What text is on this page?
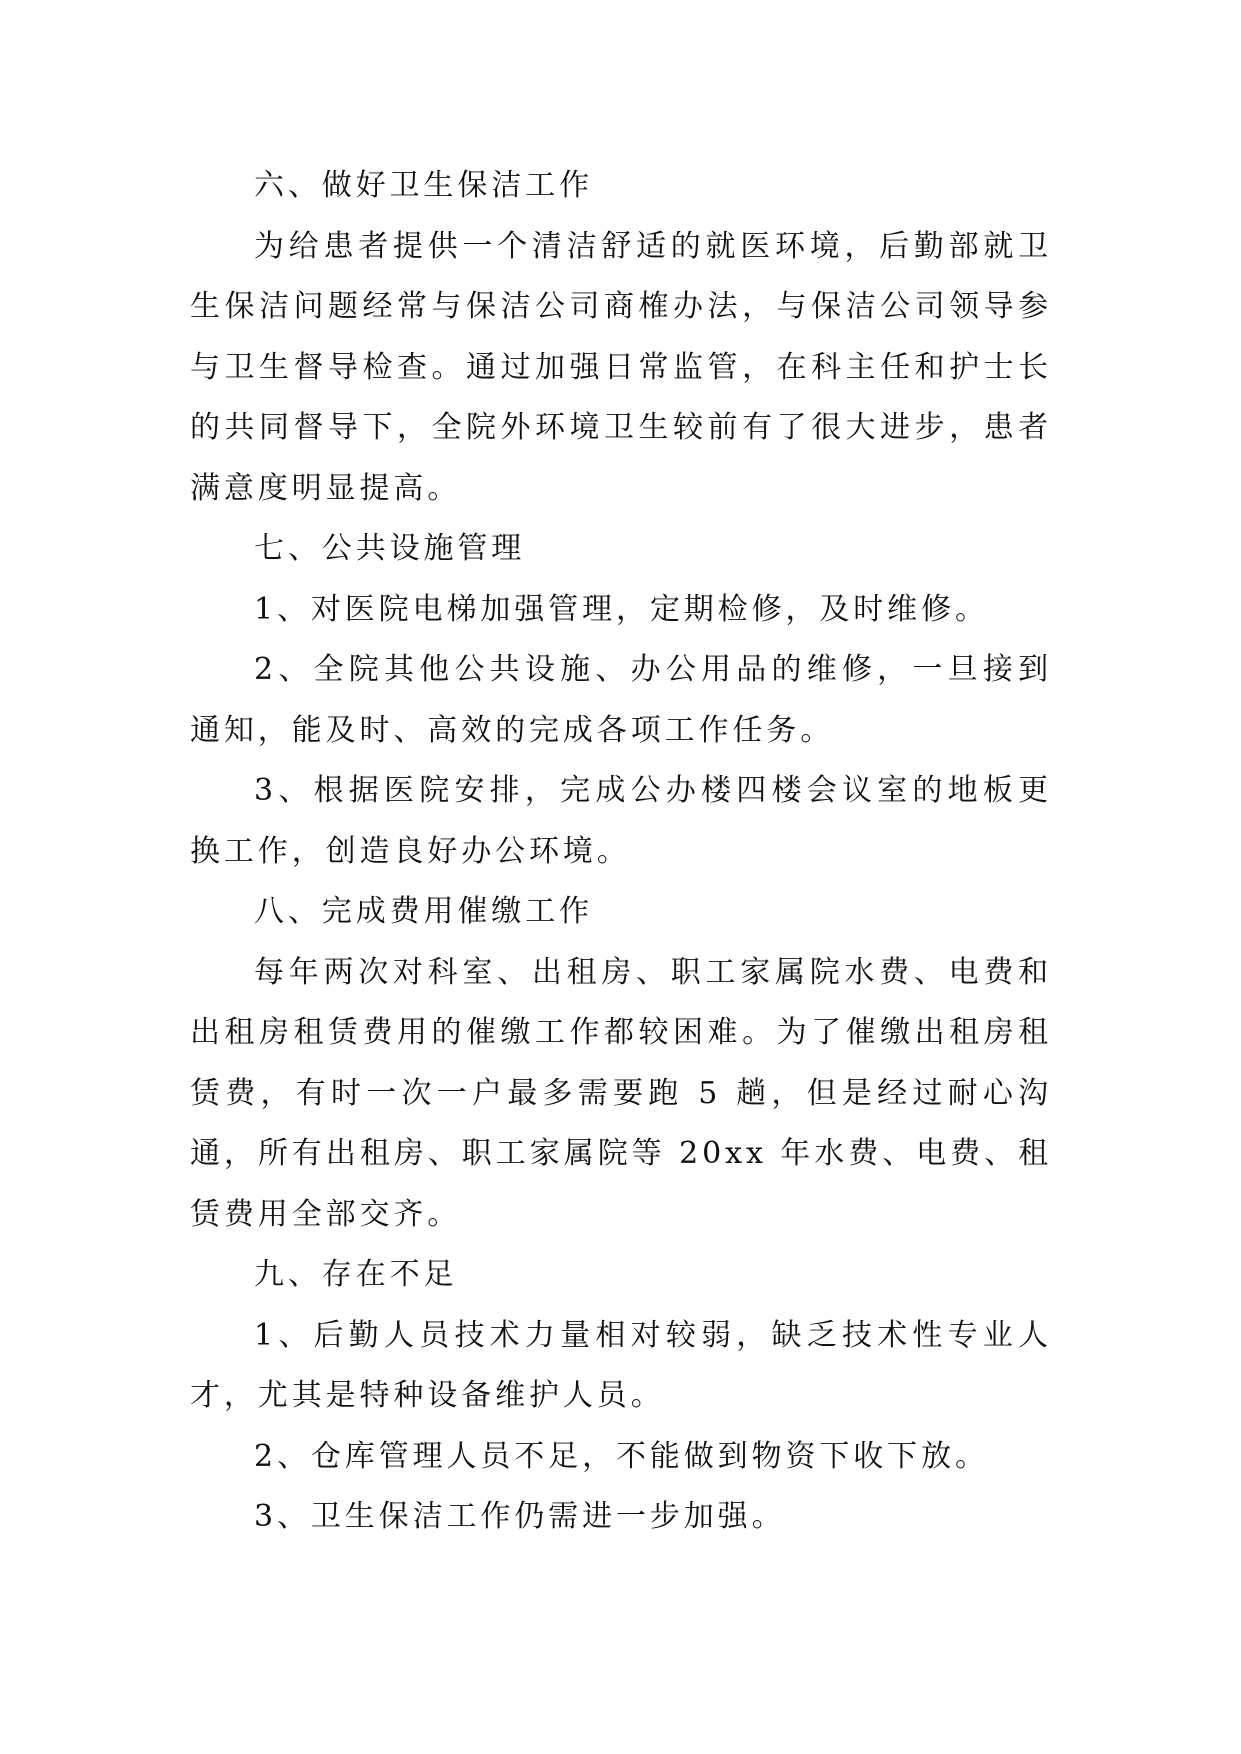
六、做好卫生保洁工作

为给患者提供一个清洁舒适的就医环境，后勤部就卫生保洁问题经常与保洁公司商榷办法，与保洁公司领导参与卫生督导检查。通过加强日常监管，在科主任和护士长的共同督导下，全院外环境卫生较前有了很大进步，患者满意度明显提高。

七、公共设施管理

1、对医院电梯加强管理，定期检修，及时维修。

2、全院其他公共设施、办公用品的维修，一旦接到通知，能及时、高效的完成各项工作任务。

3、根据医院安排，完成公办楼四楼会议室的地板更换工作，创造良好办公环境。

八、完成费用催缴工作

每年两次对科室、出租房、职工家属院水费、电费和出租房租赁费用的催缴工作都较困难。为了催缴出租房租赁费，有时一次一户最多需要跑 5 趟，但是经过耐心沟通，所有出租房、职工家属院等 20xx 年水费、电费、租赁费用全部交齐。

九、存在不足

1、后勤人员技术力量相对较弱，缺乏技术性专业人才，尤其是特种设备维护人员。

2、仓库管理人员不足，不能做到物资下收下放。

3、卫生保洁工作仍需进一步加强。
